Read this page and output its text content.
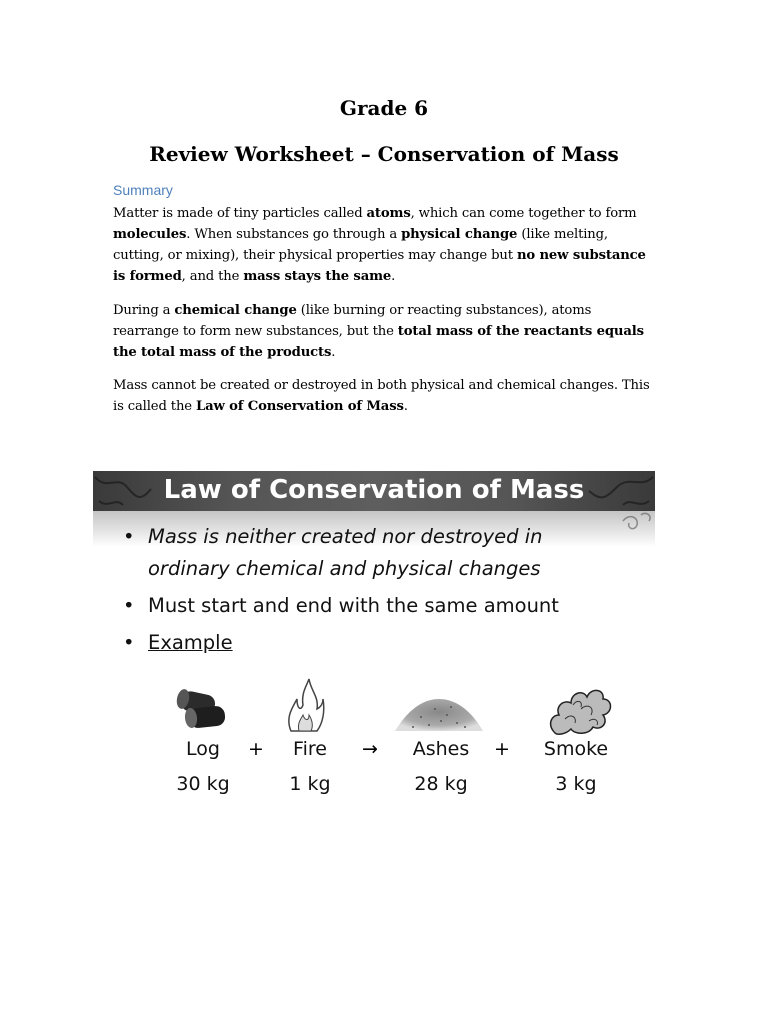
Grade 6
Review Worksheet – Conservation of Mass

Summary

Matter is made of tiny particles called atoms, which can come together to form molecules. When substances go through a physical change (like melting, cutting, or mixing), their physical properties may change but no new substance is formed, and the mass stays the same.

During a chemical change (like burning or reacting substances), atoms rearrange to form new substances, but the total mass of the reactants equals the total mass of the products.

Mass cannot be created or destroyed in both physical and chemical changes. This is called the Law of Conservation of Mass.

Law of Conservation of Mass
• Mass is neither created nor destroyed in ordinary chemical and physical changes
• Must start and end with the same amount
• Example

Log	+	Fire	→	Ashes	+	Smoke

30 kg	1 kg	28 kg	3 kg
